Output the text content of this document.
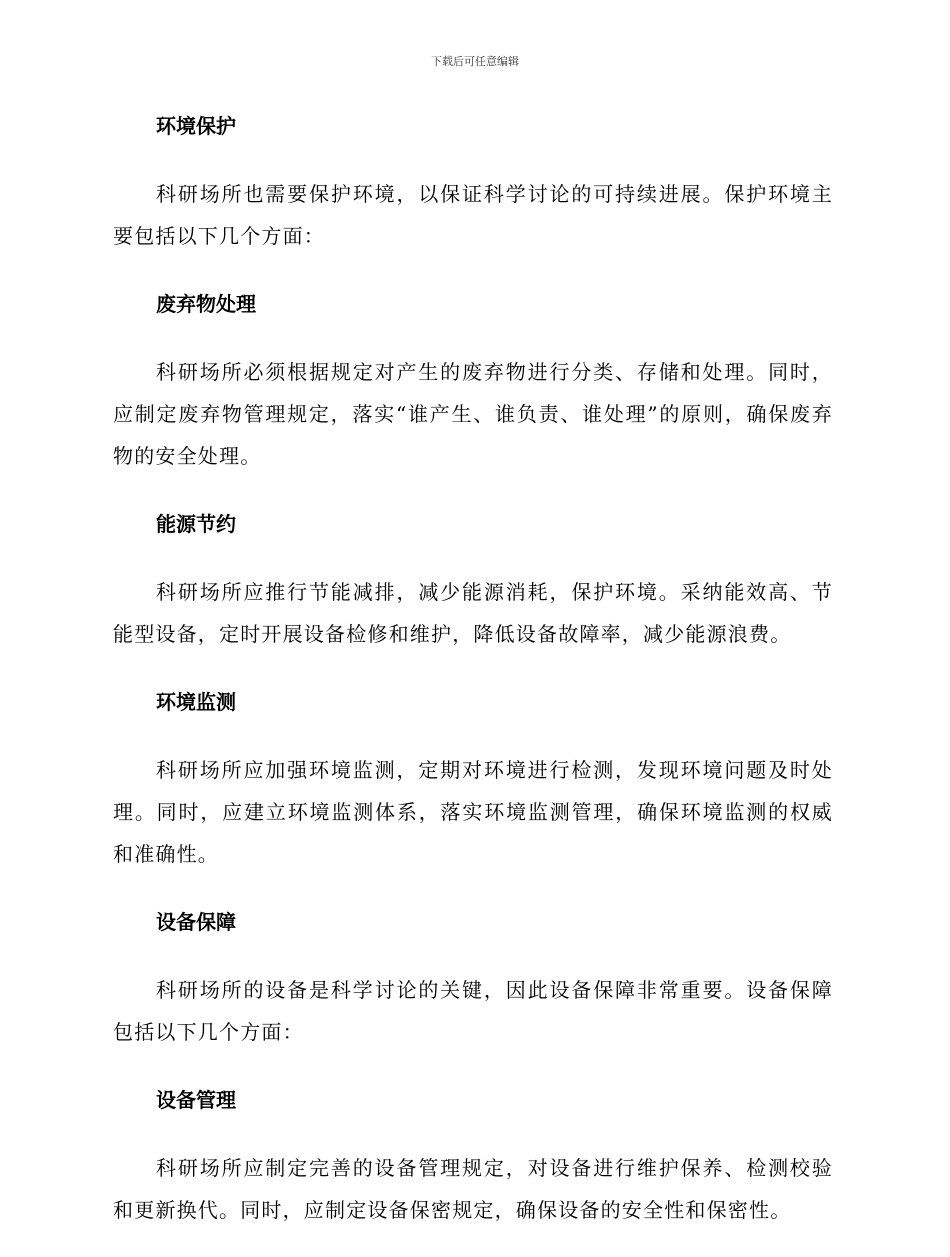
下载后可任意编辑
环境保护

科研场所也需要保护环境，以保证科学讨论的可持续进展。保护环境主要包括以下几个方面：

废弃物处理

科研场所必须根据规定对产生的废弃物进行分类、存储和处理。同时，应制定废弃物管理规定，落实“谁产生、谁负责、谁处理”的原则，确保废弃物的安全处理。

能源节约

科研场所应推行节能减排，减少能源消耗，保护环境。采纳能效高、节能型设备，定时开展设备检修和维护，降低设备故障率，减少能源浪费。

环境监测

科研场所应加强环境监测，定期对环境进行检测，发现环境问题及时处理。同时，应建立环境监测体系，落实环境监测管理，确保环境监测的权威和准确性。

设备保障

科研场所的设备是科学讨论的关键，因此设备保障非常重要。设备保障包括以下几个方面：

设备管理

科研场所应制定完善的设备管理规定，对设备进行维护保养、检测校验和更新换代。同时，应制定设备保密规定，确保设备的安全性和保密性。
